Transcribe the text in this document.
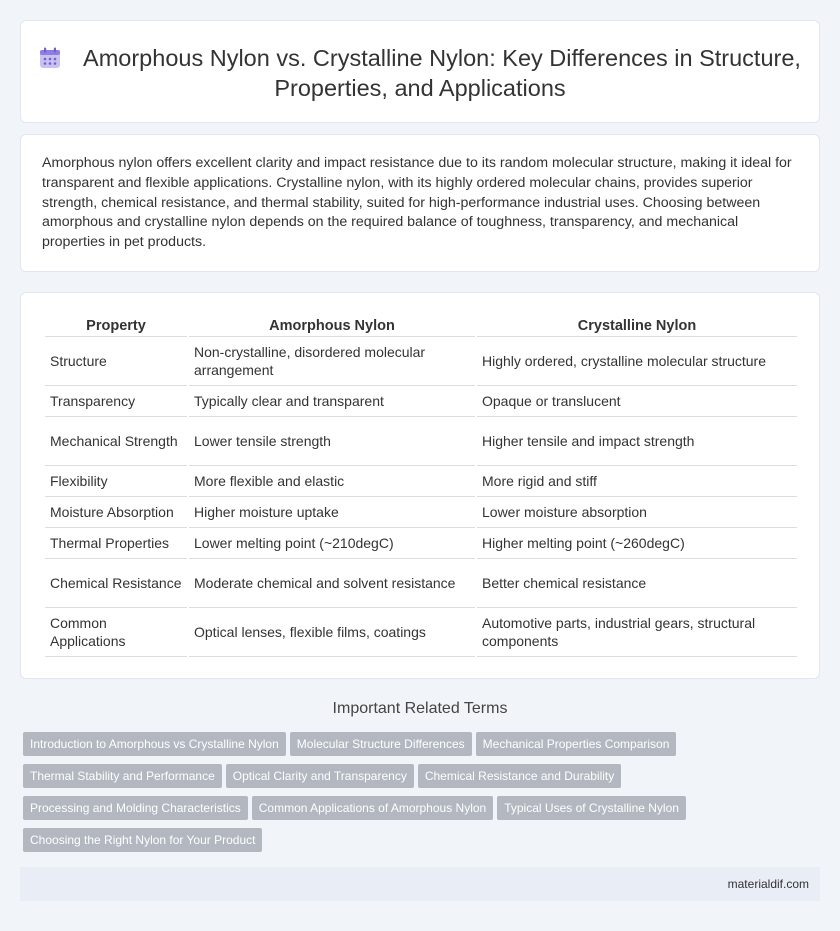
Amorphous Nylon vs. Crystalline Nylon: Key Differences in Structure, Properties, and Applications

Amorphous nylon offers excellent clarity and impact resistance due to its random molecular structure, making it ideal for transparent and flexible applications. Crystalline nylon, with its highly ordered molecular chains, provides superior strength, chemical resistance, and thermal stability, suited for high-performance industrial uses. Choosing between amorphous and crystalline nylon depends on the required balance of toughness, transparency, and mechanical properties in pet products.

Property	Amorphous Nylon	Crystalline Nylon
Structure	Non-crystalline, disordered molecular arrangement	Highly ordered, crystalline molecular structure
Transparency	Typically clear and transparent	Opaque or translucent
Mechanical Strength	Lower tensile strength	Higher tensile and impact strength
Flexibility	More flexible and elastic	More rigid and stiff
Moisture Absorption	Higher moisture uptake	Lower moisture absorption
Thermal Properties	Lower melting point (~210degC)	Higher melting point (~260degC)
Chemical Resistance	Moderate chemical and solvent resistance	Better chemical resistance
Common Applications	Optical lenses, flexible films, coatings	Automotive parts, industrial gears, structural components
Important Related Terms
Introduction to Amorphous vs Crystalline Nylon Molecular Structure Differences Mechanical Properties ComparisonThermal Stability and Performance Optical Clarity and Transparency Chemical Resistance and DurabilityProcessing and Molding Characteristics Common Applications of Amorphous Nylon Typical Uses of Crystalline NylonChoosing the Right Nylon for Your Product
materialdif.com
